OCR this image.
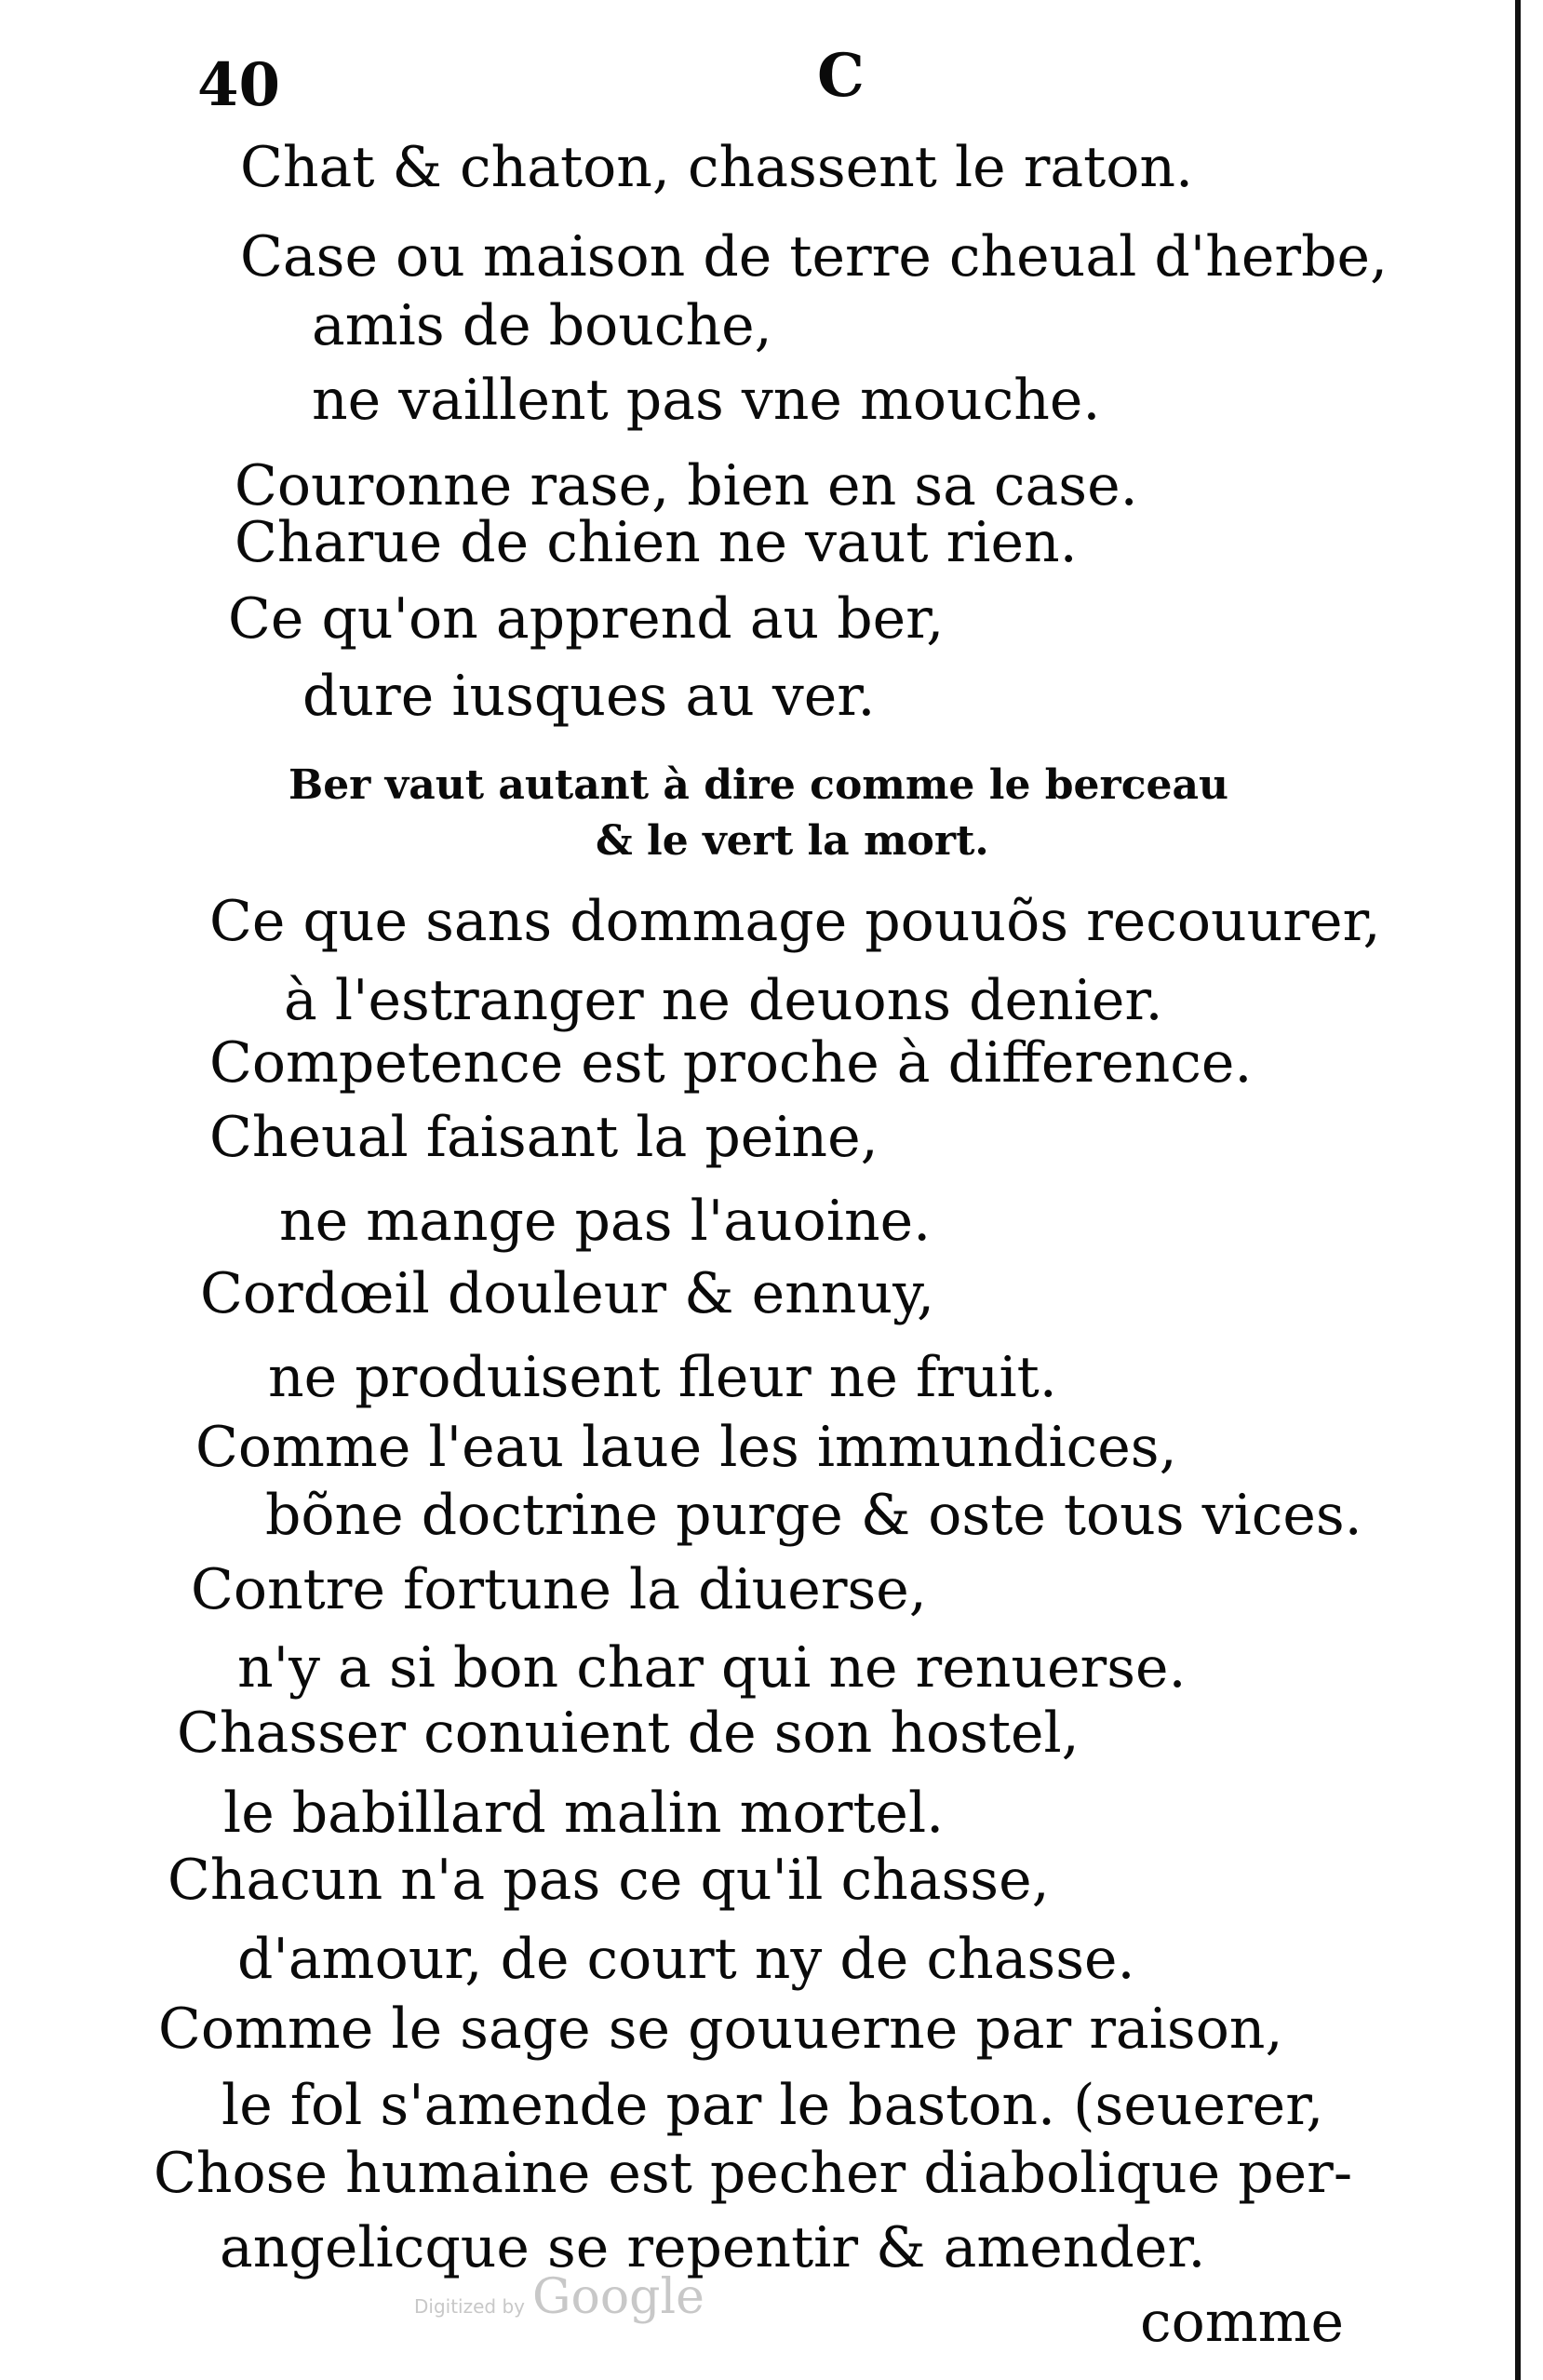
40	C
Chat & chaton, chassent le raton.
Case ou maison de terre cheual d'herbe,
amis de bouche,
ne vaillent pas vne mouche.
Couronne rase, bien en sa case.
Charue de chien ne vaut rien.
Ce qu'on apprend au ber,
dure iusques au ver.
Ber vaut autant à dire comme le berceau
& le vert la mort.
Ce que sans dommage pouuõs recouurer,
à l'estranger ne deuons denier.
Competence est proche à difference.
Cheual faisant la peine,
ne mange pas l'auoine.
Cordœil douleur & ennuy,
ne produisent fleur ne fruit.
Comme l'eau laue les immundices,
bõne doctrine purge & oste tous vices.
Contre fortune la diuerse,
n'y a si bon char qui ne renuerse.
Chasser conuient de son hostel,
le babillard malin mortel.
Chacun n'a pas ce qu'il chasse,
d'amour, de court ny de chasse.
Comme le sage se gouuerne par raison,
le fol s'amende par le baston. (seuerer,
Chose humaine est pecher diabolique per-
angelicque se repentir & amender.
Digitized by Google	comme
